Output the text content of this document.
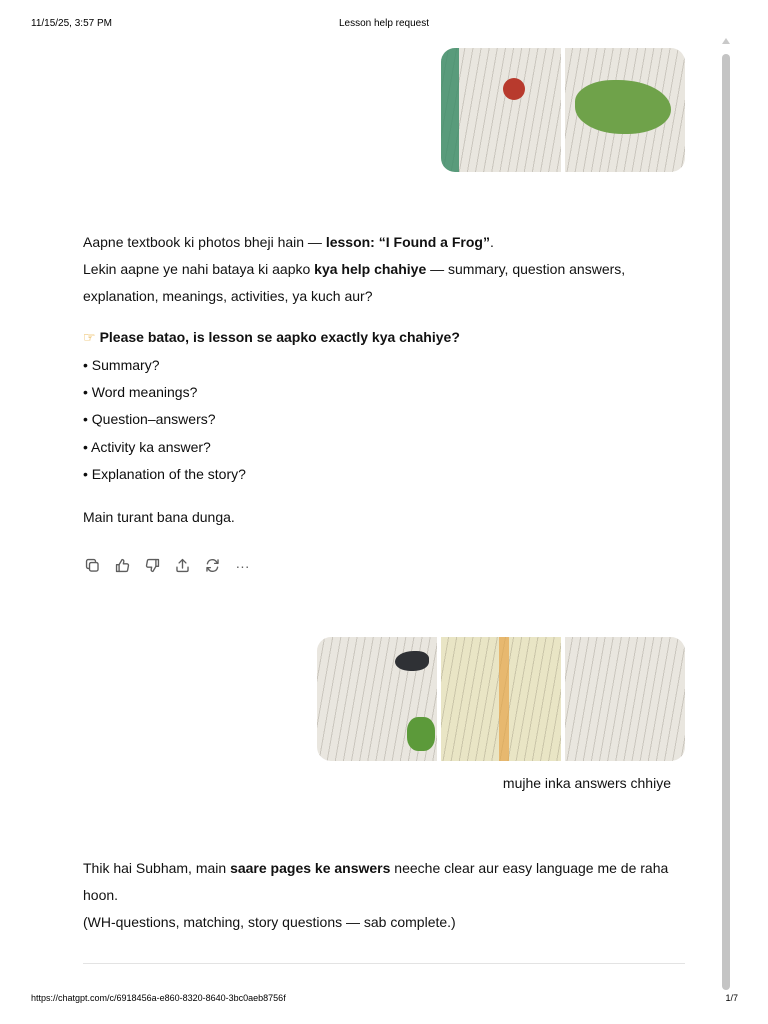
11/15/25, 3:57 PM	Lesson help request
Aapne textbook ki photos bheji hain — lesson: “I Found a Frog”.
Lekin aapne ye nahi bataya ki aapko kya help chahiye — summary, question answers, explanation, meanings, activities, ya kuch aur?
☞ Please batao, is lesson se aapko exactly kya chahiye?
• Summary?
• Word meanings?
• Question–answers?
• Activity ka answer?
• Explanation of the story?
Main turant bana dunga.
···
mujhe inka answers chhiye
Thik hai Subham, main saare pages ke answers neeche clear aur easy language me de raha hoon.
(WH-questions, matching, story questions — sab complete.)
https://chatgpt.com/c/6918456a-e860-8320-8640-3bc0aeb8756f	1/7
